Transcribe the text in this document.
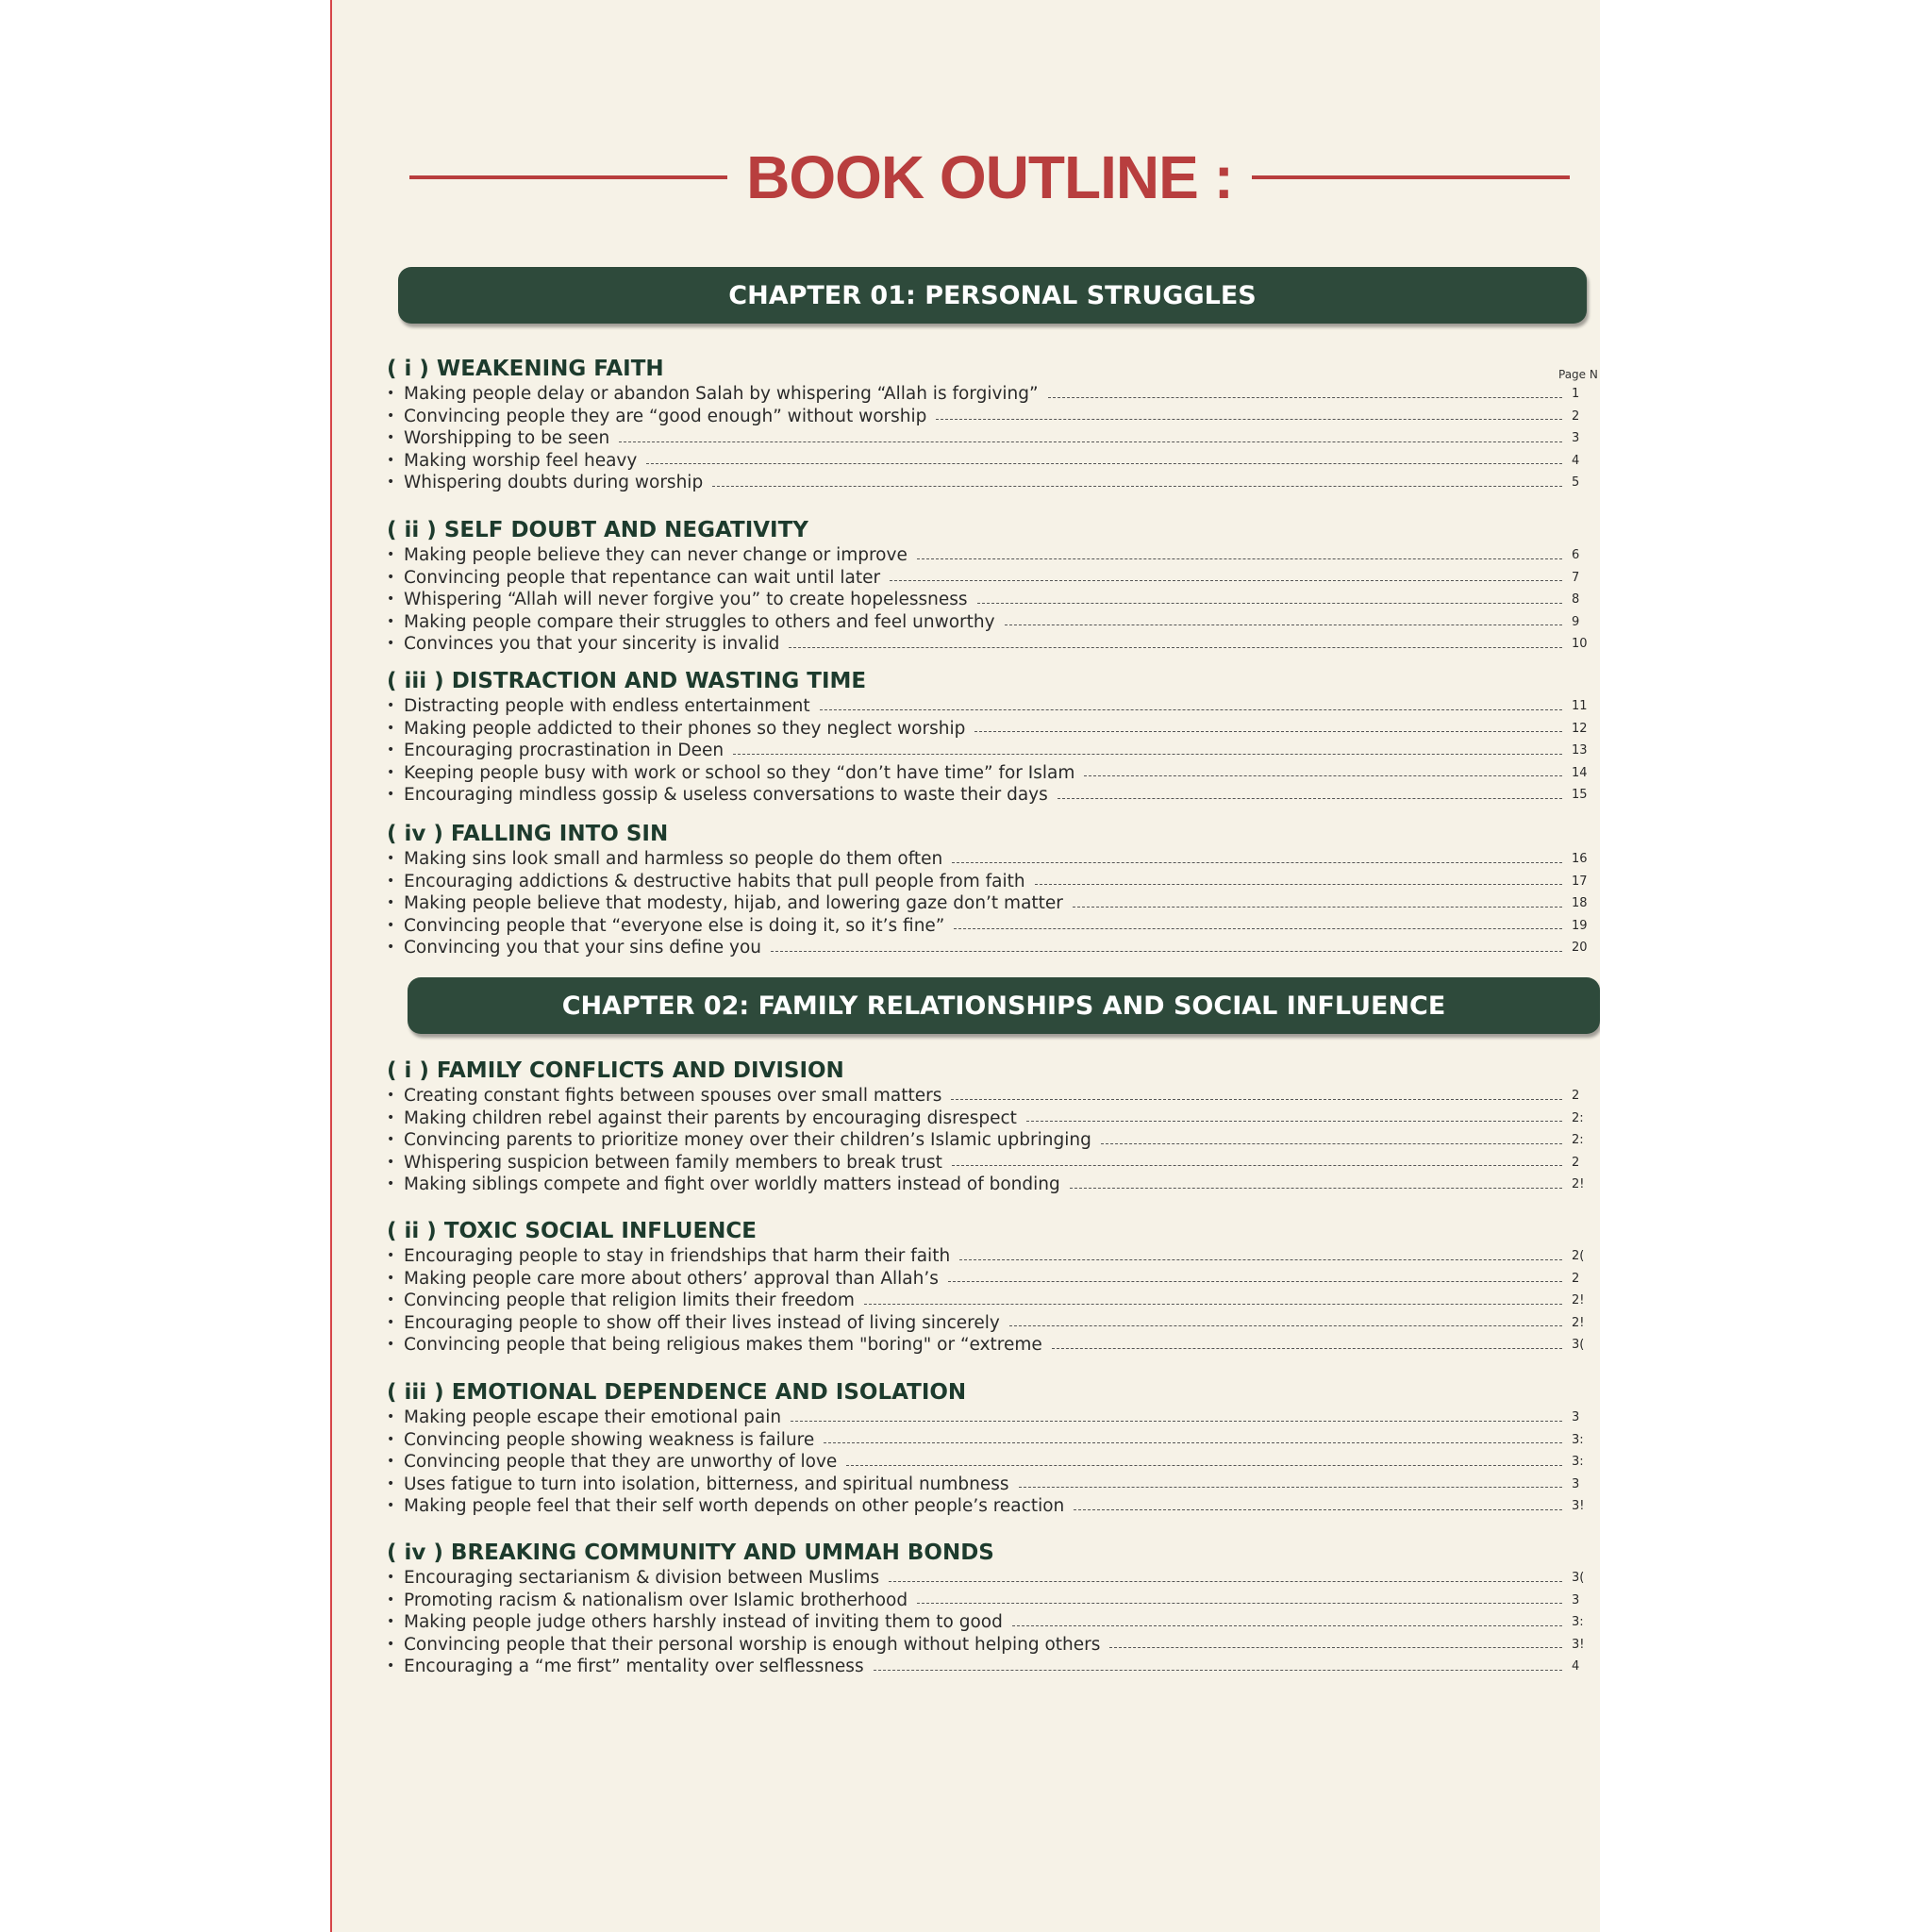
BOOK OUTLINE :
CHAPTER 01: PERSONAL STRUGGLES
Page N
( i ) WEAKENING FAITH
• Making people delay or abandon Salah by whispering “Allah is forgiving”	1
• Convincing people they are “good enough” without worship	2
• Worshipping to be seen	3
• Making worship feel heavy	4
• Whispering doubts during worship	5
( ii ) SELF DOUBT AND NEGATIVITY
• Making people believe they can never change or improve	6
• Convincing people that repentance can wait until later	7
• Whispering “Allah will never forgive you” to create hopelessness	8
• Making people compare their struggles to others and feel unworthy	9
• Convinces you that your sincerity is invalid	10
( iii ) DISTRACTION AND WASTING TIME
• Distracting people with endless entertainment	11
• Making people addicted to their phones so they neglect worship	12
• Encouraging procrastination in Deen	13
• Keeping people busy with work or school so they “don’t have time” for Islam	14
• Encouraging mindless gossip & useless conversations to waste their days	15
( iv ) FALLING INTO SIN
• Making sins look small and harmless so people do them often	16
• Encouraging addictions & destructive habits that pull people from faith	17
• Making people believe that modesty, hijab, and lowering gaze don’t matter	18
• Convincing people that “everyone else is doing it, so it’s fine”	19
• Convincing you that your sins define you	20
CHAPTER 02: FAMILY RELATIONSHIPS AND SOCIAL INFLUENCE
( i ) FAMILY CONFLICTS AND DIVISION
• Creating constant fights between spouses over small matters	2
• Making children rebel against their parents by encouraging disrespect	2:
• Convincing parents to prioritize money over their children’s Islamic upbringing	2:
• Whispering suspicion between family members to break trust	2
• Making siblings compete and fight over worldly matters instead of bonding	2!
( ii ) TOXIC SOCIAL INFLUENCE
• Encouraging people to stay in friendships that harm their faith	2(
• Making people care more about others’ approval than Allah’s	2
• Convincing people that religion limits their freedom	2!
• Encouraging people to show off their lives instead of living sincerely	2!
• Convincing people that being religious makes them "boring" or “extreme	3(
( iii ) EMOTIONAL DEPENDENCE AND ISOLATION
• Making people escape their emotional pain	3
• Convincing people showing weakness is failure	3:
• Convincing people that they are unworthy of love	3:
• Uses fatigue to turn into isolation, bitterness, and spiritual numbness	3
• Making people feel that their self worth depends on other people’s reaction	3!
( iv ) BREAKING COMMUNITY AND UMMAH BONDS
• Encouraging sectarianism & division between Muslims	3(
• Promoting racism & nationalism over Islamic brotherhood	3
• Making people judge others harshly instead of inviting them to good	3:
• Convincing people that their personal worship is enough without helping others	3!
• Encouraging a “me first” mentality over selflessness	4
